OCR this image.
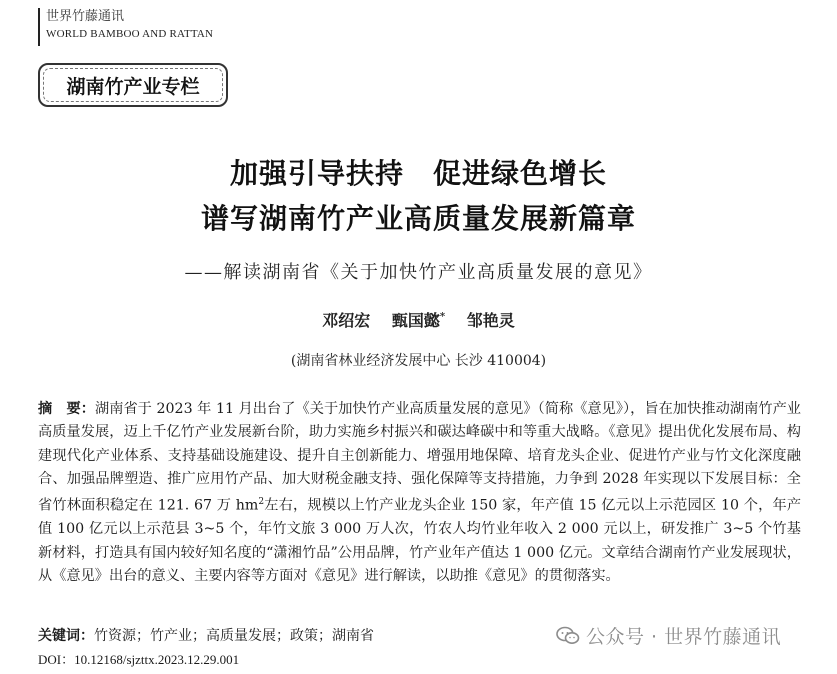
世界竹藤通讯
WORLD BAMBOO AND RATTAN
湖南竹产业专栏
加强引导扶持　促进绿色增长
谱写湖南竹产业高质量发展新篇章
——解读湖南省《关于加快竹产业高质量发展的意见》
邓绍宏 甄国懿* 邹艳灵
(湖南省林业经济发展中心 长沙 410004)

摘　要：湖南省于 2023 年 11 月出台了《关于加快竹产业高质量发展的意见》（简称《意见》），旨在加快推动湖南竹产业高质量发展，迈上千亿竹产业发展新台阶，助力实施乡村振兴和碳达峰碳中和等重大战略。《意见》提出优化发展布局、构建现代化产业体系、支持基础设施建设、提升自主创新能力、增强用地保障、培育龙头企业、促进竹产业与竹文化深度融合、加强品牌塑造、推广应用竹产品、加大财税金融支持、强化保障等支持措施，力争到 2028 年实现以下发展目标：全省竹林面积稳定在 121. 67 万 $hm^2$左右，规模以上竹产业龙头企业 150 家，年产值 15 亿元以上示范园区 10 个，年产值 100 亿元以上示范县 3~5 个，年竹文旅 3 000 万人次，竹农人均竹业年收入 2 000 元以上，研发推广 3~5 个竹基新材料，打造具有国内较好知名度的“潇湘竹品”公用品牌，竹产业年产值达 1 000 亿元。文章结合湖南竹产业发展现状，从《意见》出台的意义、主要内容等方面对《意见》进行解读，以助推《意见》的贯彻落实。

关键词：竹资源；竹产业；高质量发展；政策；湖南省
DOI：10.12168/sjzttx.2023.12.29.001
公众号 · 世界竹藤通讯
